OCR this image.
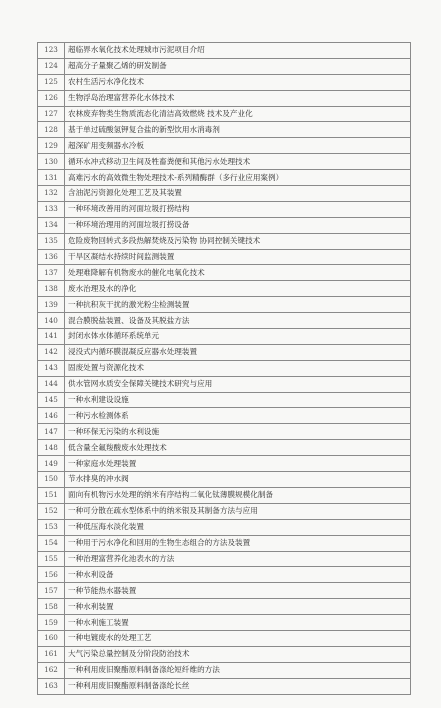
123	超临界水氧化技术处理城市污泥项目介绍
124	超高分子量聚乙烯的研发制备
125	农村生活污水净化技术
126	生物浮岛治理富营养化水体技术
127	农林废弃物类生物质流态化清洁高效燃烧 技术及产业化
128	基于单过硫酸氢钾复合盐的新型饮用水消毒剂
129	超深矿用变频器水冷板
130	循环水冲式移动卫生间及牲畜粪便和其他污水处理技术
131	高难污水的高效微生物处理技术-系列精酶群（多行业应用案例）
132	含油泥污资源化处理工艺及其装置
133	一种环境改善用的河面垃圾打捞结构
134	一种环境治理用的河面垃圾打捞设备
135	危险废物回转式多段热解焚烧及污染物 协同控制关键技术
136	干旱区凝结水持续时间监测装置
137	处理难降解有机物废水的催化电氧化技术
138	废水治理及水的净化
139	一种抗积灰干扰的激光粉尘检测装置
140	混合膜脱盐装置、设备及其脱盐方法
141	封闭水体水体循环系统单元
142	浸没式内循环膜混凝反应器水处理装置
143	固废处置与资源化技术
144	供水管网水质安全保障关键技术研究与应用
145	一种水利建设设施
146	一种污水检测体系
147	一种环保无污染的水利设施
148	低含量全氟羧酸废水处理技术
149	一种家庭水处理装置
150	节水排臭的冲水阀
151	面向有机物污水处理的纳米有序结构二氧化钛薄膜规模化制备
152	一种可分散在疏水型体系中的纳米银及其制备方法与应用
153	一种低压海水淡化装置
154	一种用于污水净化和回用的生物生态组合的方法及装置
155	一种治理富营养化池表水的方法
156	一种水利设备
157	一种节能热水器装置
158	一种水利装置
159	一种水利施工装置
160	一种电镀废水的处理工艺
161	大气污染总量控制及分阶段防治技术
162	一种利用废旧聚酯原料制备涤纶短纤维的方法
163	一种利用废旧聚酯原料制备涤纶长丝
